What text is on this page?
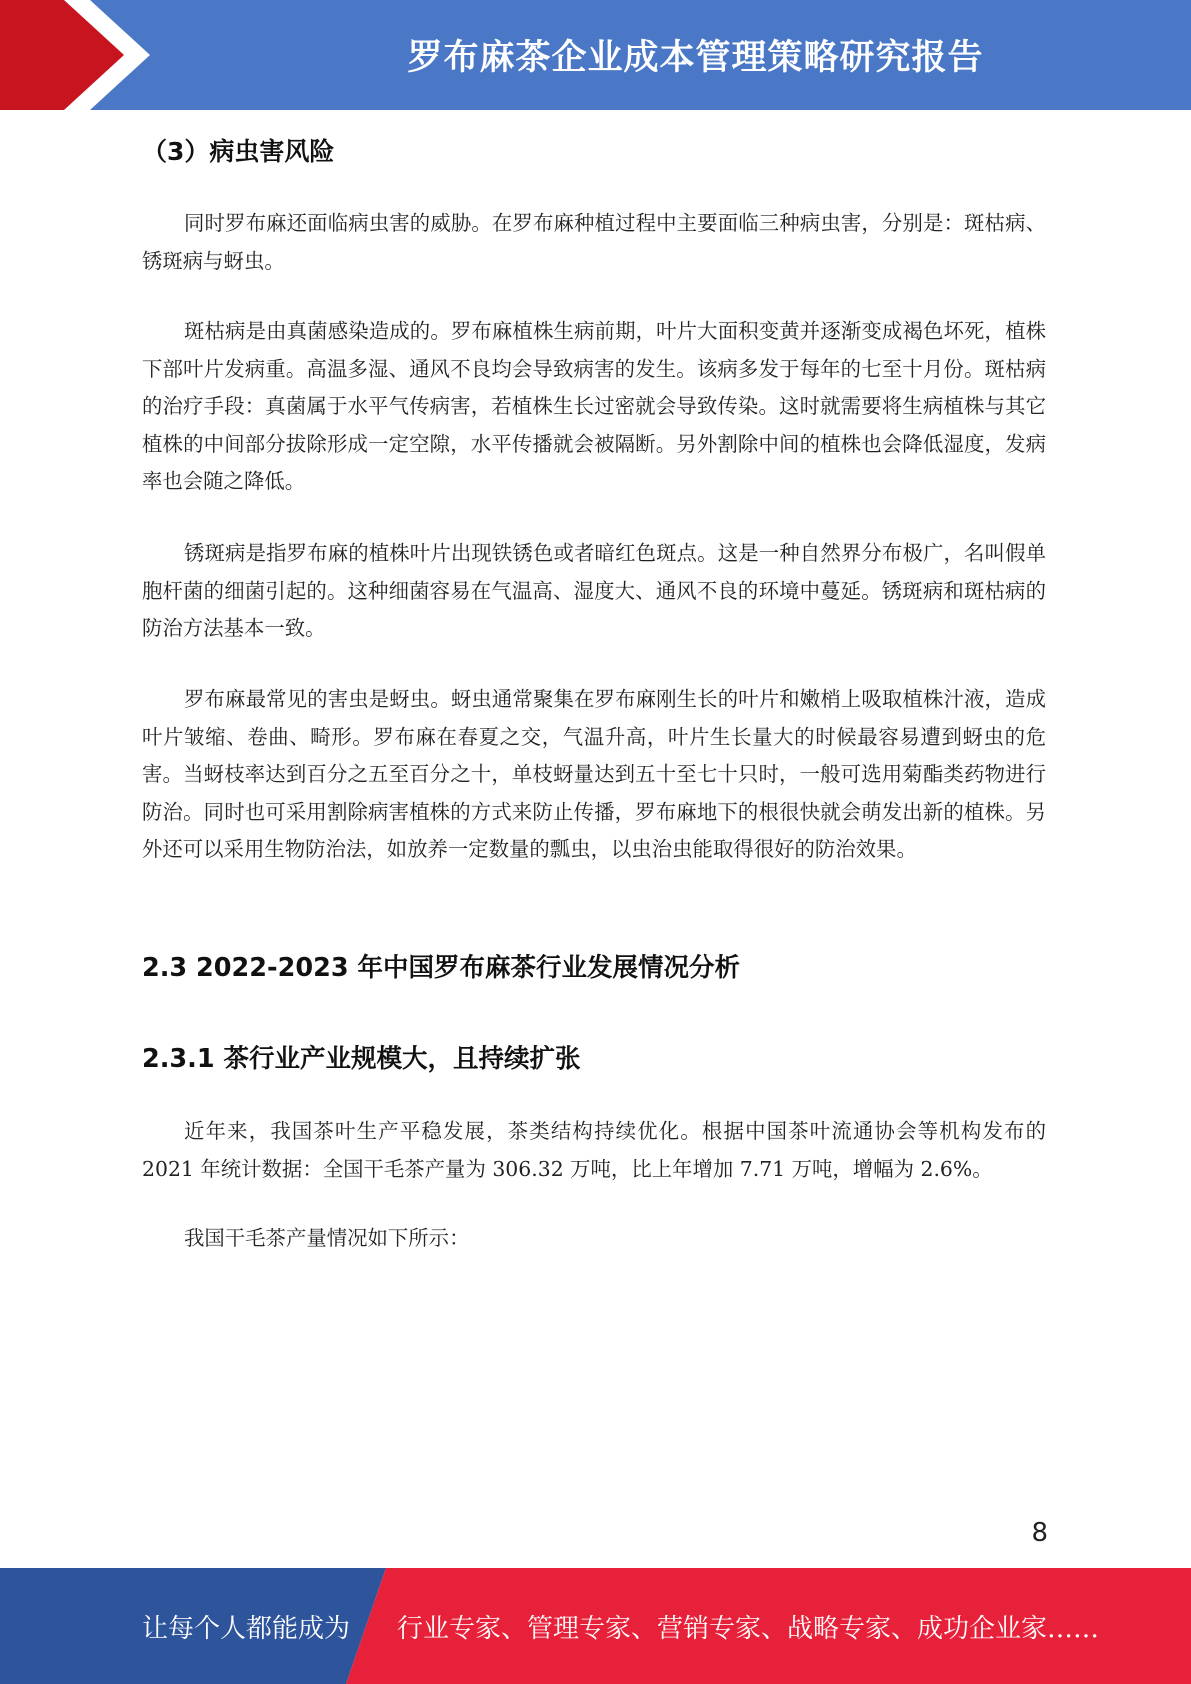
罗布麻茶企业成本管理策略研究报告
（3）病虫害风险

同时罗布麻还面临病虫害的威胁。在罗布麻种植过程中主要面临三种病虫害，分别是：斑枯病、锈斑病与蚜虫。

斑枯病是由真菌感染造成的。罗布麻植株生病前期，叶片大面积变黄并逐渐变成褐色坏死，植株下部叶片发病重。高温多湿、通风不良均会导致病害的发生。该病多发于每年的七至十月份。斑枯病的治疗手段：真菌属于水平气传病害，若植株生长过密就会导致传染。这时就需要将生病植株与其它植株的中间部分拔除形成一定空隙，水平传播就会被隔断。另外割除中间的植株也会降低湿度，发病率也会随之降低。

锈斑病是指罗布麻的植株叶片出现铁锈色或者暗红色斑点。这是一种自然界分布极广，名叫假单胞杆菌的细菌引起的。这种细菌容易在气温高、湿度大、通风不良的环境中蔓延。锈斑病和斑枯病的防治方法基本一致。

罗布麻最常见的害虫是蚜虫。蚜虫通常聚集在罗布麻刚生长的叶片和嫩梢上吸取植株汁液，造成叶片皱缩、卷曲、畸形。罗布麻在春夏之交，气温升高，叶片生长量大的时候最容易遭到蚜虫的危害。当蚜枝率达到百分之五至百分之十，单枝蚜量达到五十至七十只时，一般可选用菊酯类药物进行防治。同时也可采用割除病害植株的方式来防止传播，罗布麻地下的根很快就会萌发出新的植株。另外还可以采用生物防治法，如放养一定数量的瓢虫，以虫治虫能取得很好的防治效果。

2.3 2022-2023 年中国罗布麻茶行业发展情况分析
2.3.1 茶行业产业规模大，且持续扩张

近年来，我国茶叶生产平稳发展，茶类结构持续优化。根据中国茶叶流通协会等机构发布的2021 年统计数据：全国干毛茶产量为 306.32 万吨，比上年增加 7.71 万吨，增幅为 2.6%。

我国干毛茶产量情况如下所示：

8
让每个人都能成为 行业专家、管理专家、营销专家、战略专家、成功企业家……
